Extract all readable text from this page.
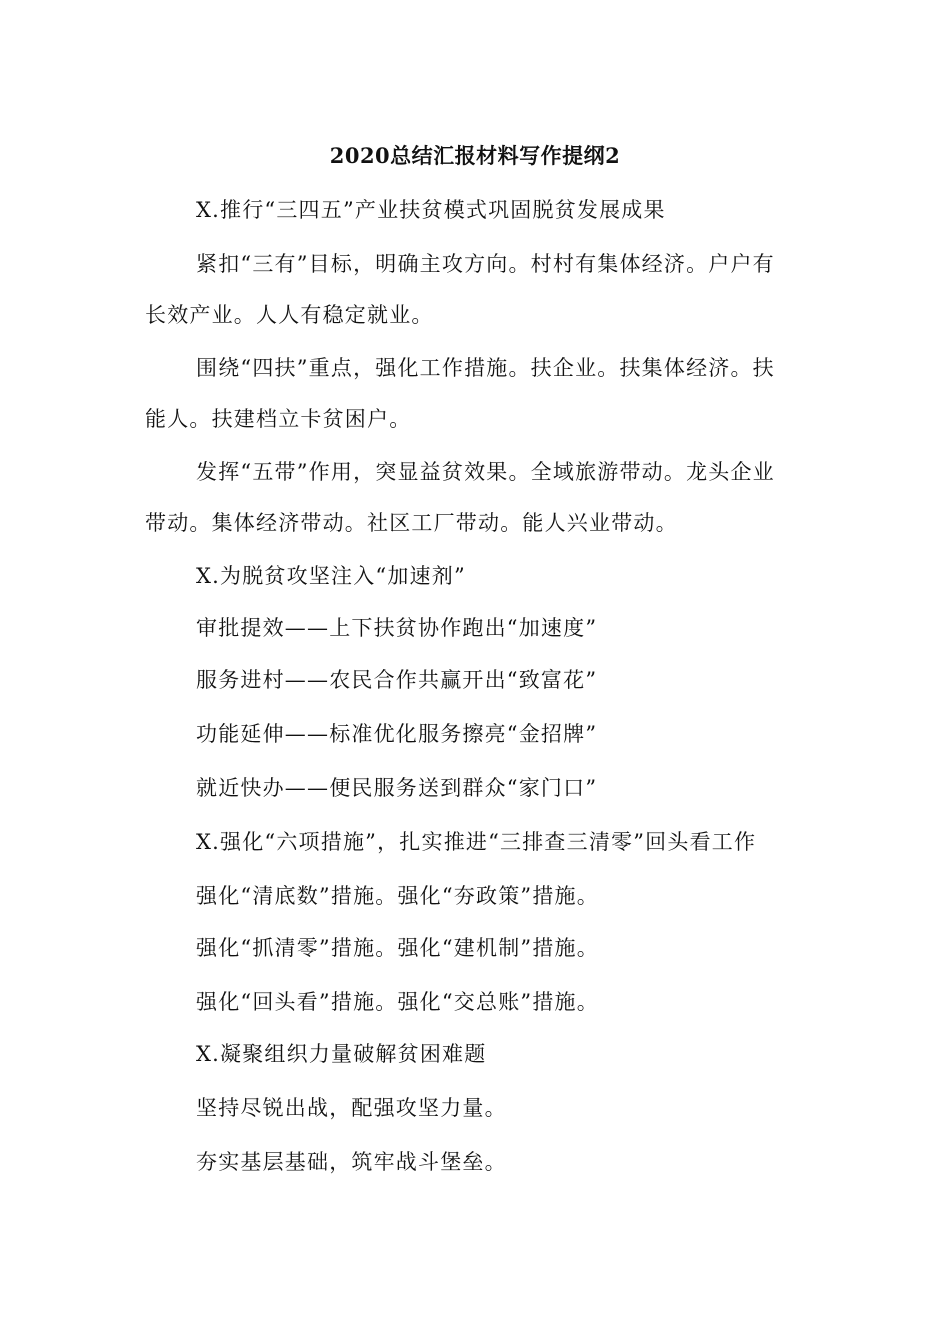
2020总结汇报材料写作提纲2
X.推行“三四五”产业扶贫模式巩固脱贫发展成果
紧扣“三有”目标，明确主攻方向。村村有集体经济。户户有
长效产业。人人有稳定就业。
围绕“四扶”重点，强化工作措施。扶企业。扶集体经济。扶
能人。扶建档立卡贫困户。
发挥“五带”作用，突显益贫效果。全域旅游带动。龙头企业
带动。集体经济带动。社区工厂带动。能人兴业带动。
X.为脱贫攻坚注入“加速剂”
审批提效——上下扶贫协作跑出“加速度”
服务进村——农民合作共赢开出“致富花”
功能延伸——标准优化服务擦亮“金招牌”
就近快办——便民服务送到群众“家门口”
X.强化“六项措施”，扎实推进“三排查三清零”回头看工作
强化“清底数”措施。强化“夯政策”措施。
强化“抓清零”措施。强化“建机制”措施。
强化“回头看”措施。强化“交总账”措施。
X.凝聚组织力量破解贫困难题
坚持尽锐出战，配强攻坚力量。
夯实基层基础，筑牢战斗堡垒。
